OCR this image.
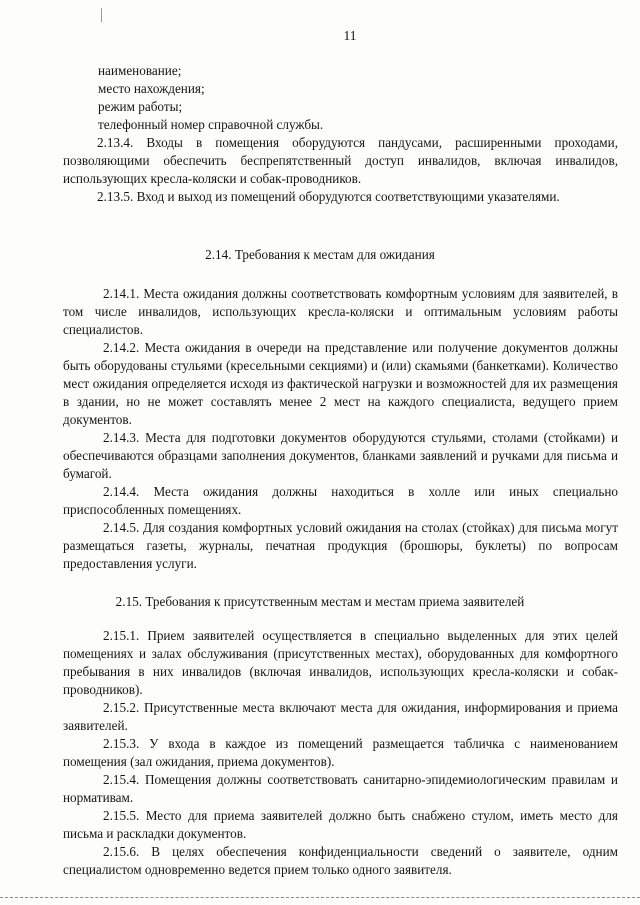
11

наименование;

место нахождения;

режим работы;

телефонный номер справочной службы.

2.13.4. Входы в помещения оборудуются пандусами, расширенными проходами, позволяющими обеспечить беспрепятственный доступ инвалидов, включая инвалидов, использующих кресла-коляски и собак-проводников.

2.13.5. Вход и выход из помещений оборудуются соответствующими указателями.

2.14. Требования к местам для ожидания

2.14.1. Места ожидания должны соответствовать комфортным условиям для заявителей, в том числе инвалидов, использующих кресла-коляски и оптимальным условиям работы специалистов.

2.14.2. Места ожидания в очереди на представление или получение документов должны быть оборудованы стульями (кресельными секциями) и (или) скамьями (банкетками). Количество мест ожидания определяется исходя из фактической нагрузки и возможностей для их размещения в здании, но не может составлять менее 2 мест на каждого специалиста, ведущего прием документов.

2.14.3. Места для подготовки документов оборудуются стульями, столами (стойками) и обеспечиваются образцами заполнения документов, бланками заявлений и ручками для письма и бумагой.

2.14.4. Места ожидания должны находиться в холле или иных специально приспособленных помещениях.

2.14.5. Для создания комфортных условий ожидания на столах (стойках) для письма могут размещаться газеты, журналы, печатная продукция (брошюры, буклеты) по вопросам предоставления услуги.

2.15. Требования к присутственным местам и местам приема заявителей

2.15.1. Прием заявителей осуществляется в специально выделенных для этих целей помещениях и залах обслуживания (присутственных местах), оборудованных для комфортного пребывания в них инвалидов (включая инвалидов, использующих кресла-коляски и собак-проводников).

2.15.2. Присутственные места включают места для ожидания, информирования и приема заявителей.

2.15.3. У входа в каждое из помещений размещается табличка с наименованием помещения (зал ожидания, приема документов).

2.15.4. Помещения должны соответствовать санитарно-эпидемиологическим правилам и нормативам.

2.15.5. Место для приема заявителей должно быть снабжено стулом, иметь место для письма и раскладки документов.

2.15.6. В целях обеспечения конфиденциальности сведений о заявителе, одним специалистом одновременно ведется прием только одного заявителя.
